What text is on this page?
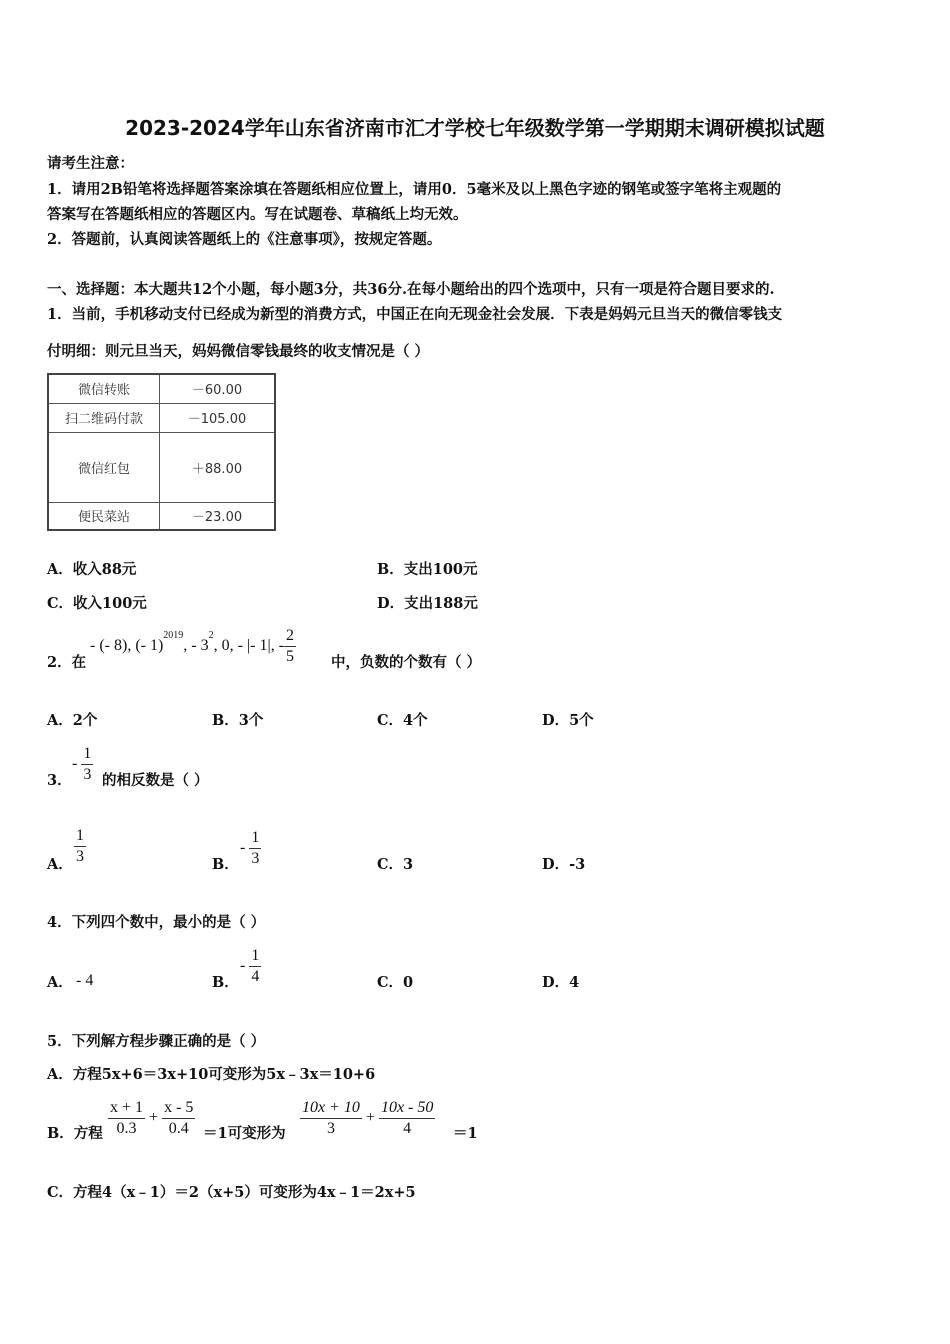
2023-2024学年山东省济南市汇才学校七年级数学第一学期期末调研模拟试题
请考生注意：
1．请用2B铅笔将选择题答案涂填在答题纸相应位置上，请用0．5毫米及以上黑色字迹的钢笔或签字笔将主观题的
答案写在答题纸相应的答题区内。写在试题卷、草稿纸上均无效。
2．答题前，认真阅读答题纸上的《注意事项》，按规定答题。
一、选择题：本大题共12个小题，每小题3分，共36分.在每小题给出的四个选项中，只有一项是符合题目要求的.
1．当前，手机移动支付已经成为新型的消费方式，中国正在向无现金社会发展．下表是妈妈元旦当天的微信零钱支
付明细：则元旦当天，妈妈微信零钱最终的收支情况是（ ）
微信转账	－60.00
扫二维码付款	－105.00
微信红包	＋88.00
便民菜站	－23.00
A．收入88元	B．支出100元
C．收入100元	D．支出188元
2．在
- (- 8), (- 1)
$^{2019}$
, - 3
$^2$
, 0, - |- 1|, - $\frac{2}{5}$ 中，负数的个数有（ ）
A．2个	B．3个	C．4个	D．5个
3．
- $\frac{1}{3}$ 的相反数是（ ）
A． $\frac{1}{3}$	B．
- $\frac{1}{3}$	C．3	D．-3
4．下列四个数中，最小的是（ ）
A． - 4	B．
- $\frac{1}{4}$	C．0	D．4
5．下列解方程步骤正确的是（ ）
A．方程5x+6＝3x+10可变形为5x﹣3x＝10+6
B．方程 $\frac{x + 1}{0.3} + \frac{x - 5}{0.4} =1$可变形为 $\frac{10x + 10}{3} + \frac{10x - 50}{4} =1$
C．方程4（x﹣1）＝2（x+5）可变形为4x﹣1＝2x+5
